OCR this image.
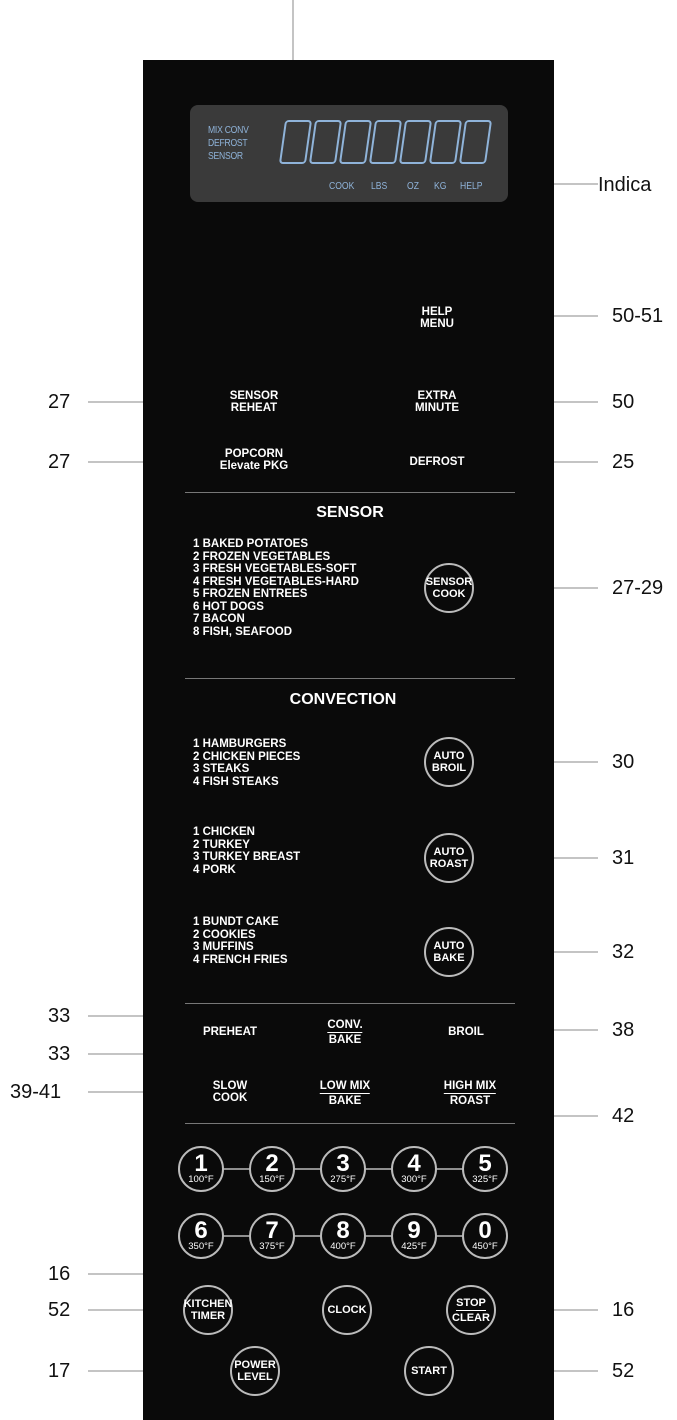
MIX CONV
DEFROST
SENSOR
COOK LBS OZ KG HELP
HELP
MENU
SENSOR
REHEAT
EXTRA
MINUTE
POPCORN
Elevate PKG	DEFROST
SENSOR
1 BAKED POTATOES
2 FROZEN VEGETABLES
3 FRESH VEGETABLES-SOFT
4 FRESH VEGETABLES-HARD
5 FROZEN ENTREES
6 HOT DOGS
7 BACON
8 FISH, SEAFOOD
SENSOR
COOK
CONVECTION
1 HAMBURGERS
2 CHICKEN PIECES
3 STEAKS
4 FISH STEAKS
AUTO
BROIL
1 CHICKEN
2 TURKEY
3 TURKEY BREAST
4 PORK
AUTO
ROAST
1 BUNDT CAKE
2 COOKIES
3 MUFFINS
4 FRENCH FRIES
AUTO
BAKE
PREHEAT
CONV.
BAKE
BROIL
SLOW
COOK
LOW MIX
BAKE
HIGH MIX
ROAST
1
100°F
2
150°F
3
275°F
4
300°F
5
325°F
6
350°F
7
375°F
8
400°F
9
425°F
0
450°F
KITCHEN
TIMER	CLOCK
STOP
CLEAR
POWER
LEVEL	START
Indica
50-51
27	50
27	25
27-29
30
31
32
33
38
33
39-41
42
16
52	16
17	52
